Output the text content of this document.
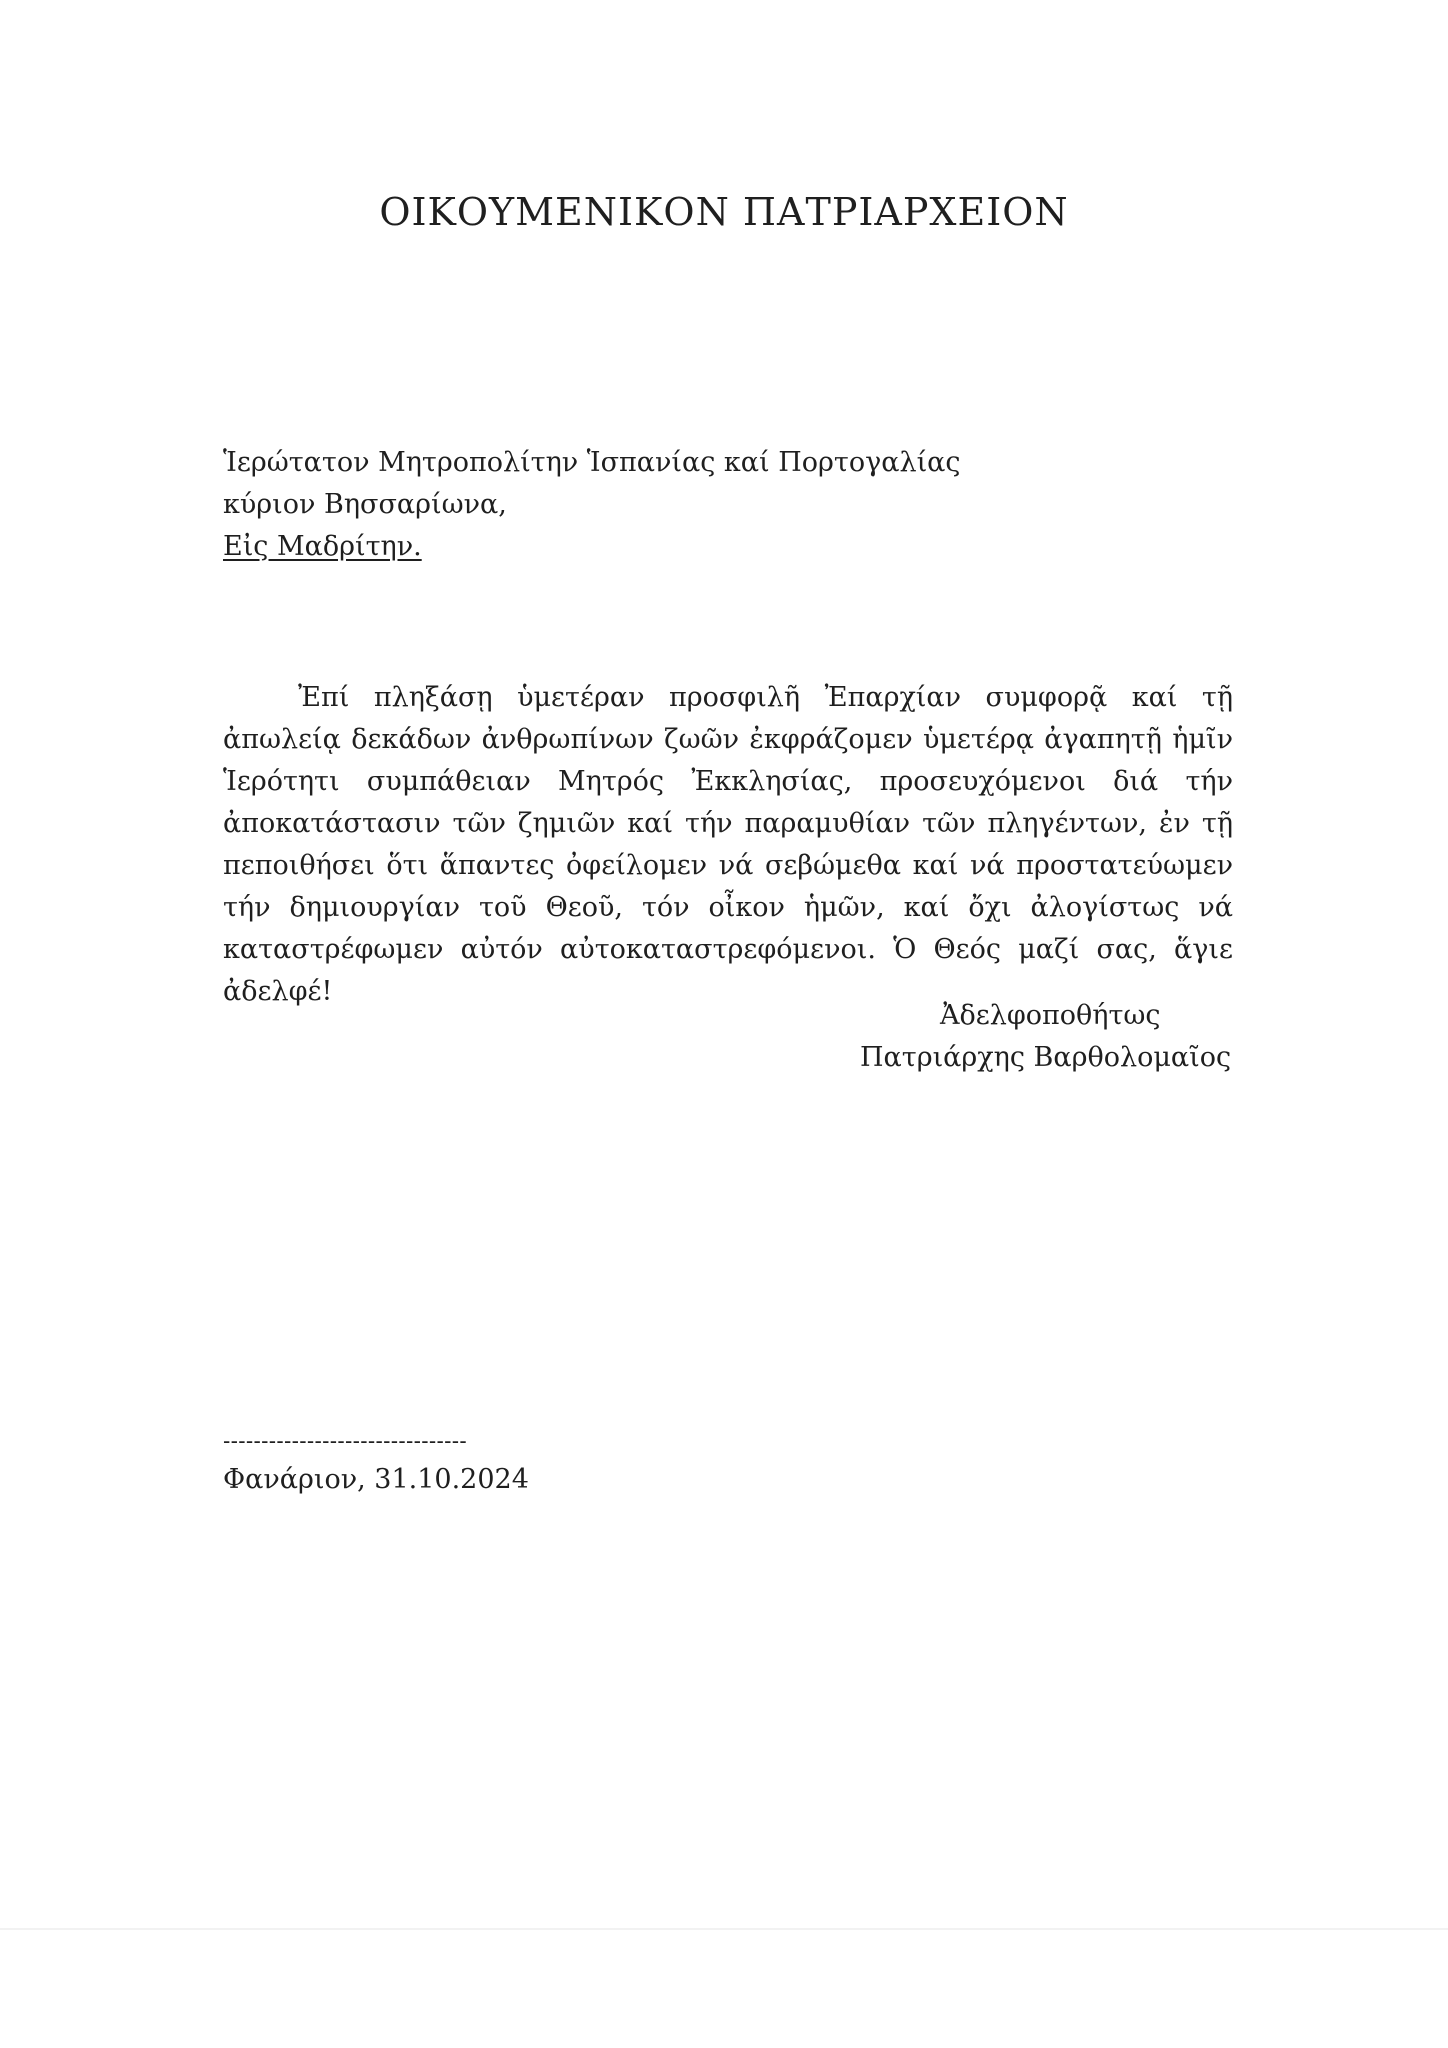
ΟΙΚΟΥΜΕΝΙΚΟΝ ΠΑΤΡΙΑΡΧΕΙΟΝ
Ἱερώτατον Μητροπολίτην Ἱσπανίας καί Πορτογαλίας
κύριον Βησσαρίωνα,
Εἰς Μαδρίτην.
Ἐπί πληξάσῃ ὑμετέραν προσφιλῆ Ἐπαρχίαν συμφορᾷ καί τῇ ἀπωλείᾳ δεκάδων ἀνθρωπίνων ζωῶν ἐκφράζομεν ὑμετέρᾳ ἀγαπητῇ ἡμῖν Ἱερότητι συμπάθειαν Μητρός Ἐκκλησίας, προσευχόμενοι διά τήν ἀποκατάστασιν τῶν ζημιῶν καί τήν παραμυθίαν τῶν πληγέντων, ἐν τῇ πεποιθήσει ὅτι ἅπαντες ὀφείλομεν νά σεβώμεθα καί νά προστατεύωμεν τήν δημιουργίαν τοῦ Θεοῦ, τόν οἶκον ἡμῶν, καί ὄχι ἀλογίστως νά καταστρέφωμεν αὐτόν αὐτοκαταστρεφόμενοι. Ὁ Θεός μαζί σας, ἅγιε ἀδελφέ!
Ἀδελφοποθήτως
Πατριάρχης Βαρθολομαῖος
--------------------------------
Φανάριον, 31.10.2024
